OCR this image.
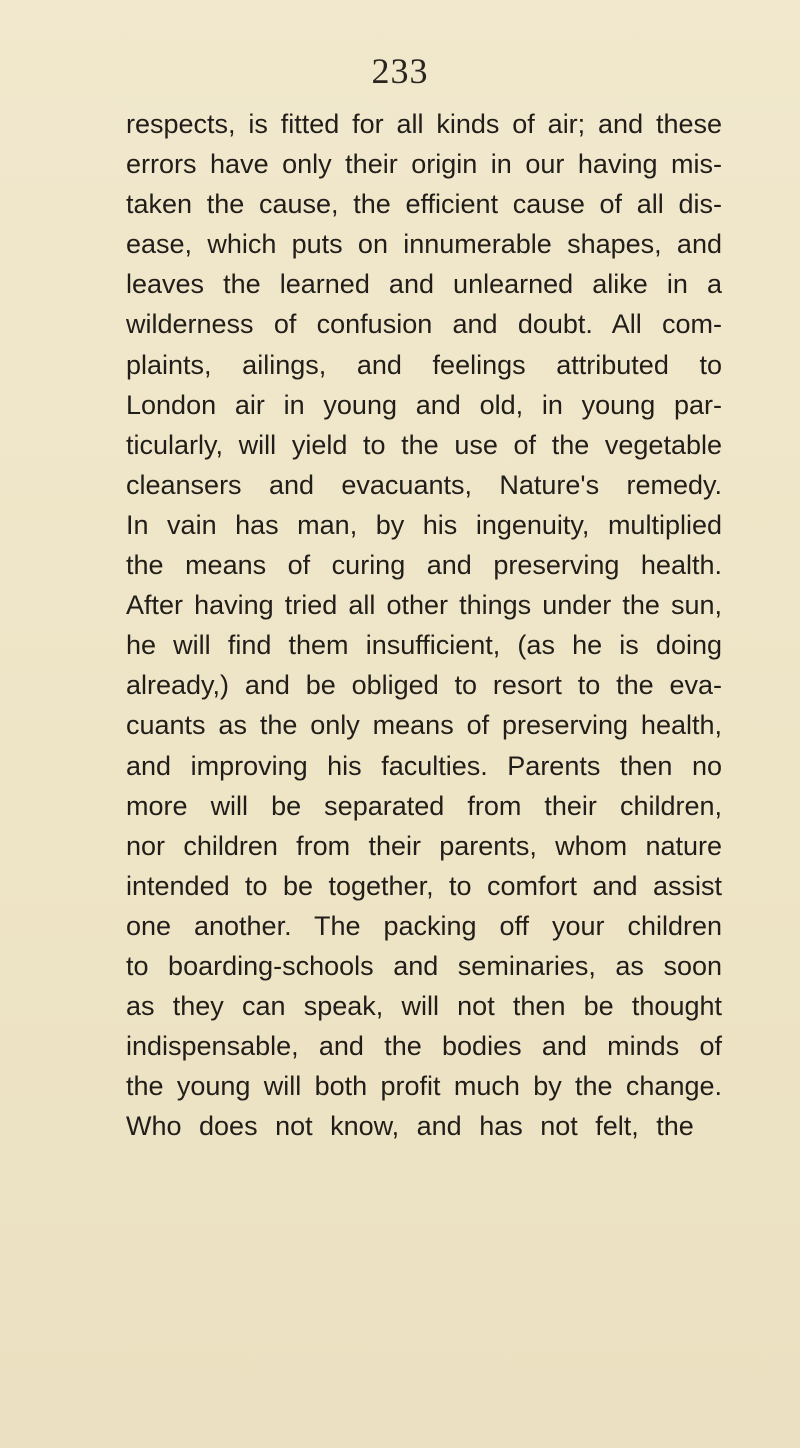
233
respects, is fitted for all kinds of air; and these
errors have only their origin in our having mis-
taken the cause, the efficient cause of all dis-
ease, which puts on innumerable shapes, and
leaves the learned and unlearned alike in a
wilderness of confusion and doubt. All com-
plaints, ailings, and feelings attributed to
London air in young and old, in young par-
ticularly, will yield to the use of the vegetable
cleansers and evacuants, Nature's remedy.
In vain has man, by his ingenuity, multiplied
the means of curing and preserving health.
After having tried all other things under the sun,
he will find them insufficient, (as he is doing
already,) and be obliged to resort to the eva-
cuants as the only means of preserving health,
and improving his faculties. Parents then no
more will be separated from their children,
nor children from their parents, whom nature
intended to be together, to comfort and assist
one another. The packing off your children
to boarding-schools and seminaries, as soon
as they can speak, will not then be thought
indispensable, and the bodies and minds of
the young will both profit much by the change.
Who does not know, and has not felt, the
